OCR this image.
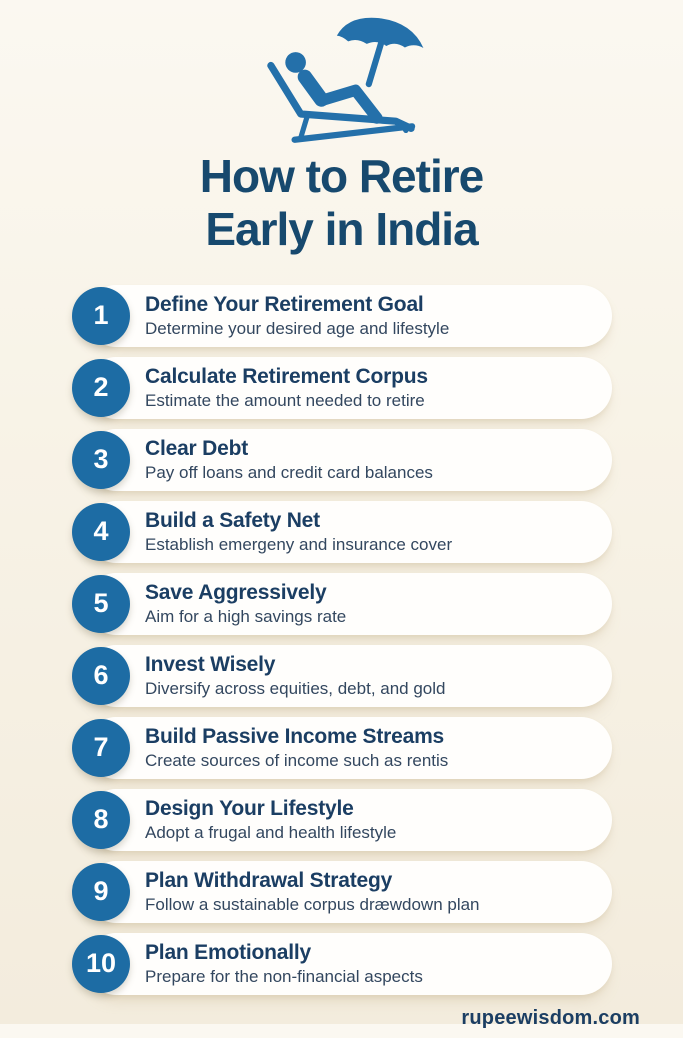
How to Retire
Early in India
1	Define Your Retirement Goal
Determine your desired age and lifestyle
2	Calculate Retirement Corpus
Estimate the amount needed to retire
3	Clear Debt
Pay off loans and credit card balances
4	Build a Safety Net
Establish emergeny and insurance cover
5	Save Aggressively
Aim for a high savings rate
6	Invest Wisely
Diversify across equities, debt, and gold
7	Build Passive Income Streams
Create sources of income such as rentis
8	Design Your Lifestyle
Adopt a frugal and health lifestyle
9	Plan Withdrawal Strategy
Follow a sustainable corpus dræwdown plan
10	Plan Emotionally
Prepare for the non-financial aspects
rupeewisdom.com
